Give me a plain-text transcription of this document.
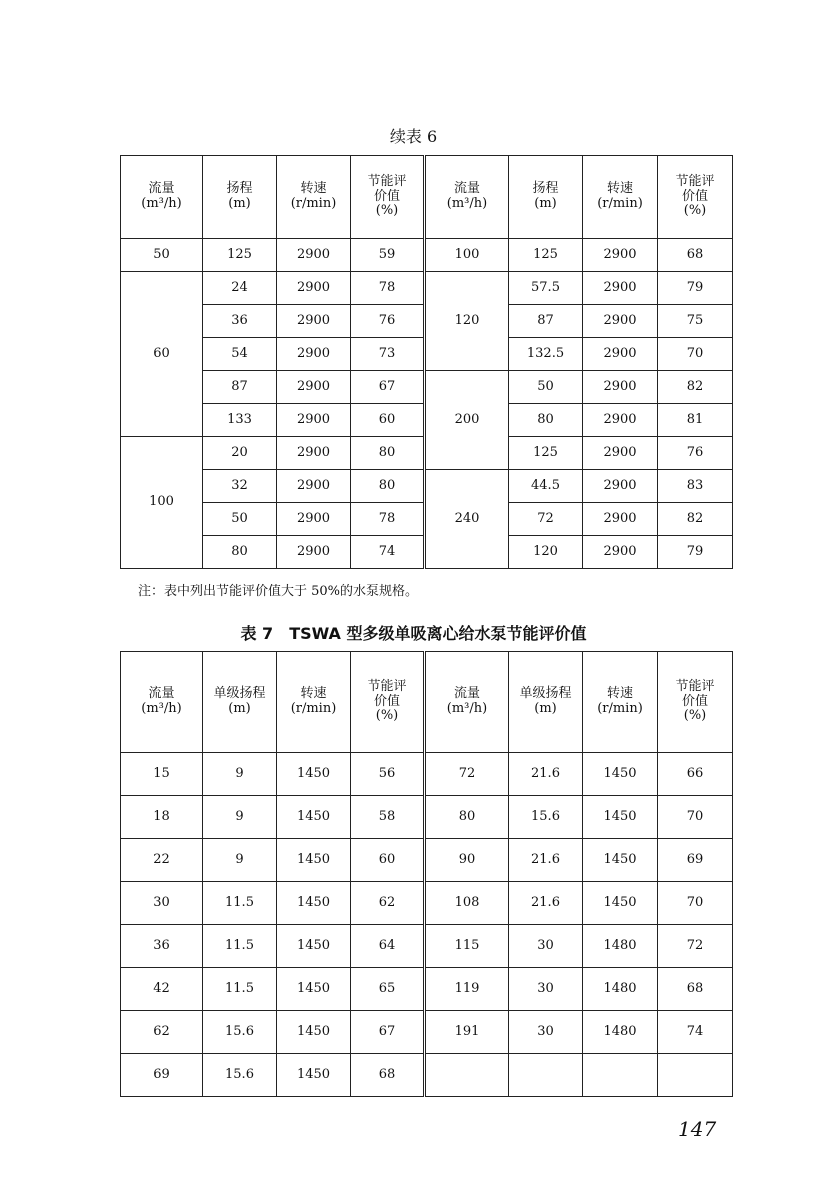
续表 6
流量
(m³/h)	扬程
(m)	转速
(r/min)	节能评
价值
(%)	流量
(m³/h)	扬程
(m)	转速
(r/min)	节能评
价值
(%)

50	125	2900	59	100	125	2900	68
60	24	2900	78	120	57.5	2900	79
	36	2900	76		87	2900	75
	54	2900	73		132.5	2900	70
	87	2900	67	200	50	2900	82
	133	2900	60		80	2900	81
100	20	2900	80		125	2900	76
	32	2900	80	240	44.5	2900	83
	50	2900	78		72	2900	82
	80	2900	74		120	2900	79
注：表中列出节能评价值大于 50%的水泵规格。
表 7　TSWA 型多级单吸离心给水泵节能评价值
流量
(m³/h)	单级扬程
(m)	转速
(r/min)	节能评
价值
(%)	流量
(m³/h)	单级扬程
(m)	转速
(r/min)	节能评
价值
(%)

15	9	1450	56	72	21.6	1450	66
18	9	1450	58	80	15.6	1450	70
22	9	1450	60	90	21.6	1450	69
30	11.5	1450	62	108	21.6	1450	70
36	11.5	1450	64	115	30	1480	72
42	11.5	1450	65	119	30	1480	68
62	15.6	1450	67	191	30	1480	74
69	15.6	1450	68				
147
